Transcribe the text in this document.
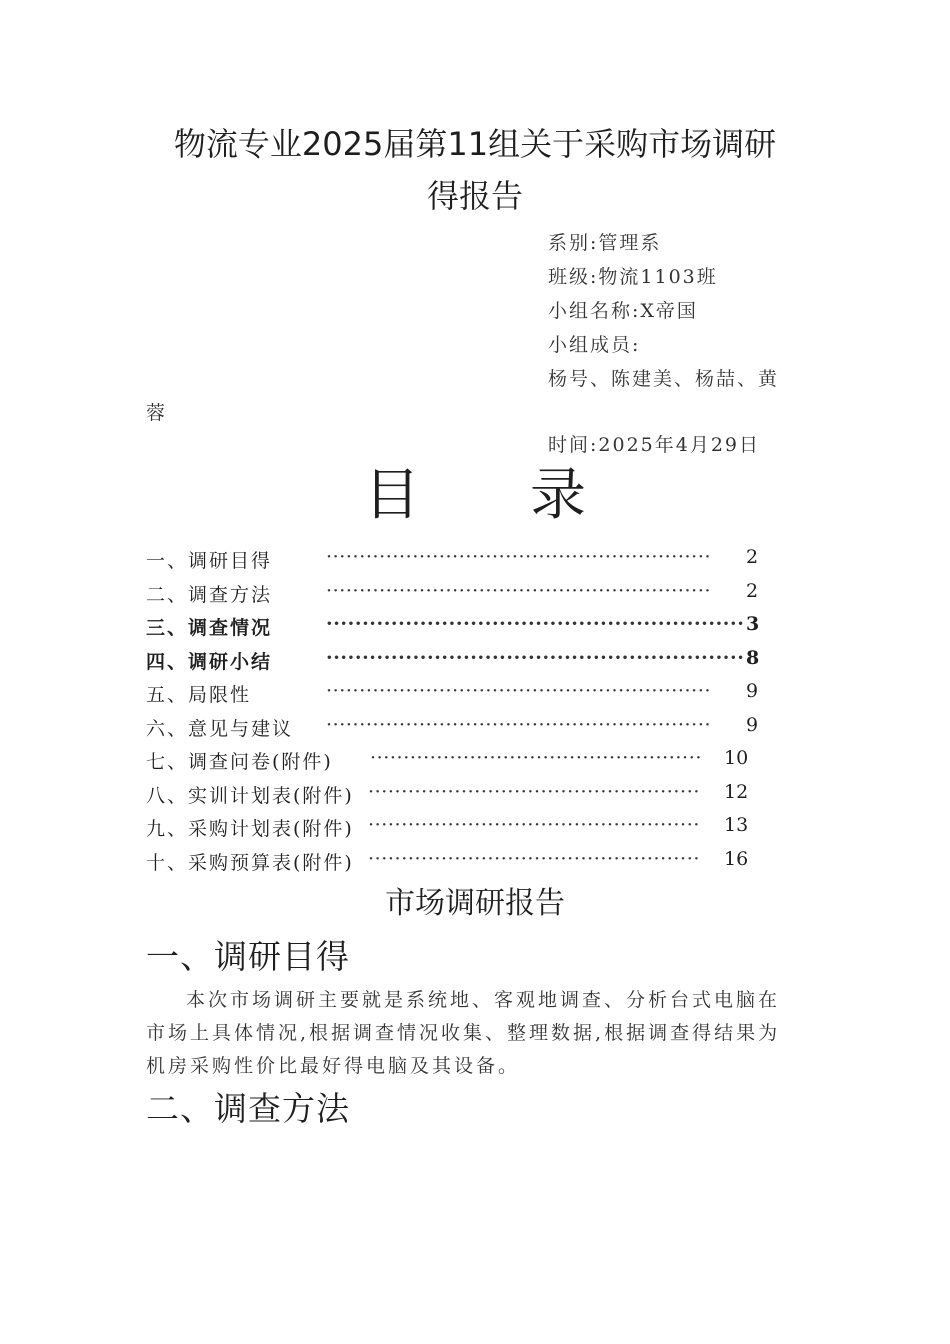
物流专业2025届第11组关于采购市场调研
得报告
系别:管理系
班级:物流1103班
小组名称:X帝国
小组成员:
杨号、陈建美、杨喆、黄
蓉
时间:2025年4月29日
目 录
一、调研目得	··························································	2
二、调查方法	··························································	2
三、调查情况	·························································· 3
四、调研小结	·························································· 8
五、局限性	··························································	9
六、意见与建议 ··························································	9
七、调查问卷(附件) ··················································	10
八、实训计划表(附件) ··················································	12
九、采购计划表(附件) ··················································	13
十、采购预算表(附件) ··················································	16
市场调研报告
一、调研目得
本次市场调研主要就是系统地、客观地调查、分析台式电脑在市场上具体情况,根据调查情况收集、整理数据,根据调查得结果为机房采购性价比最好得电脑及其设备。
二、调查方法
